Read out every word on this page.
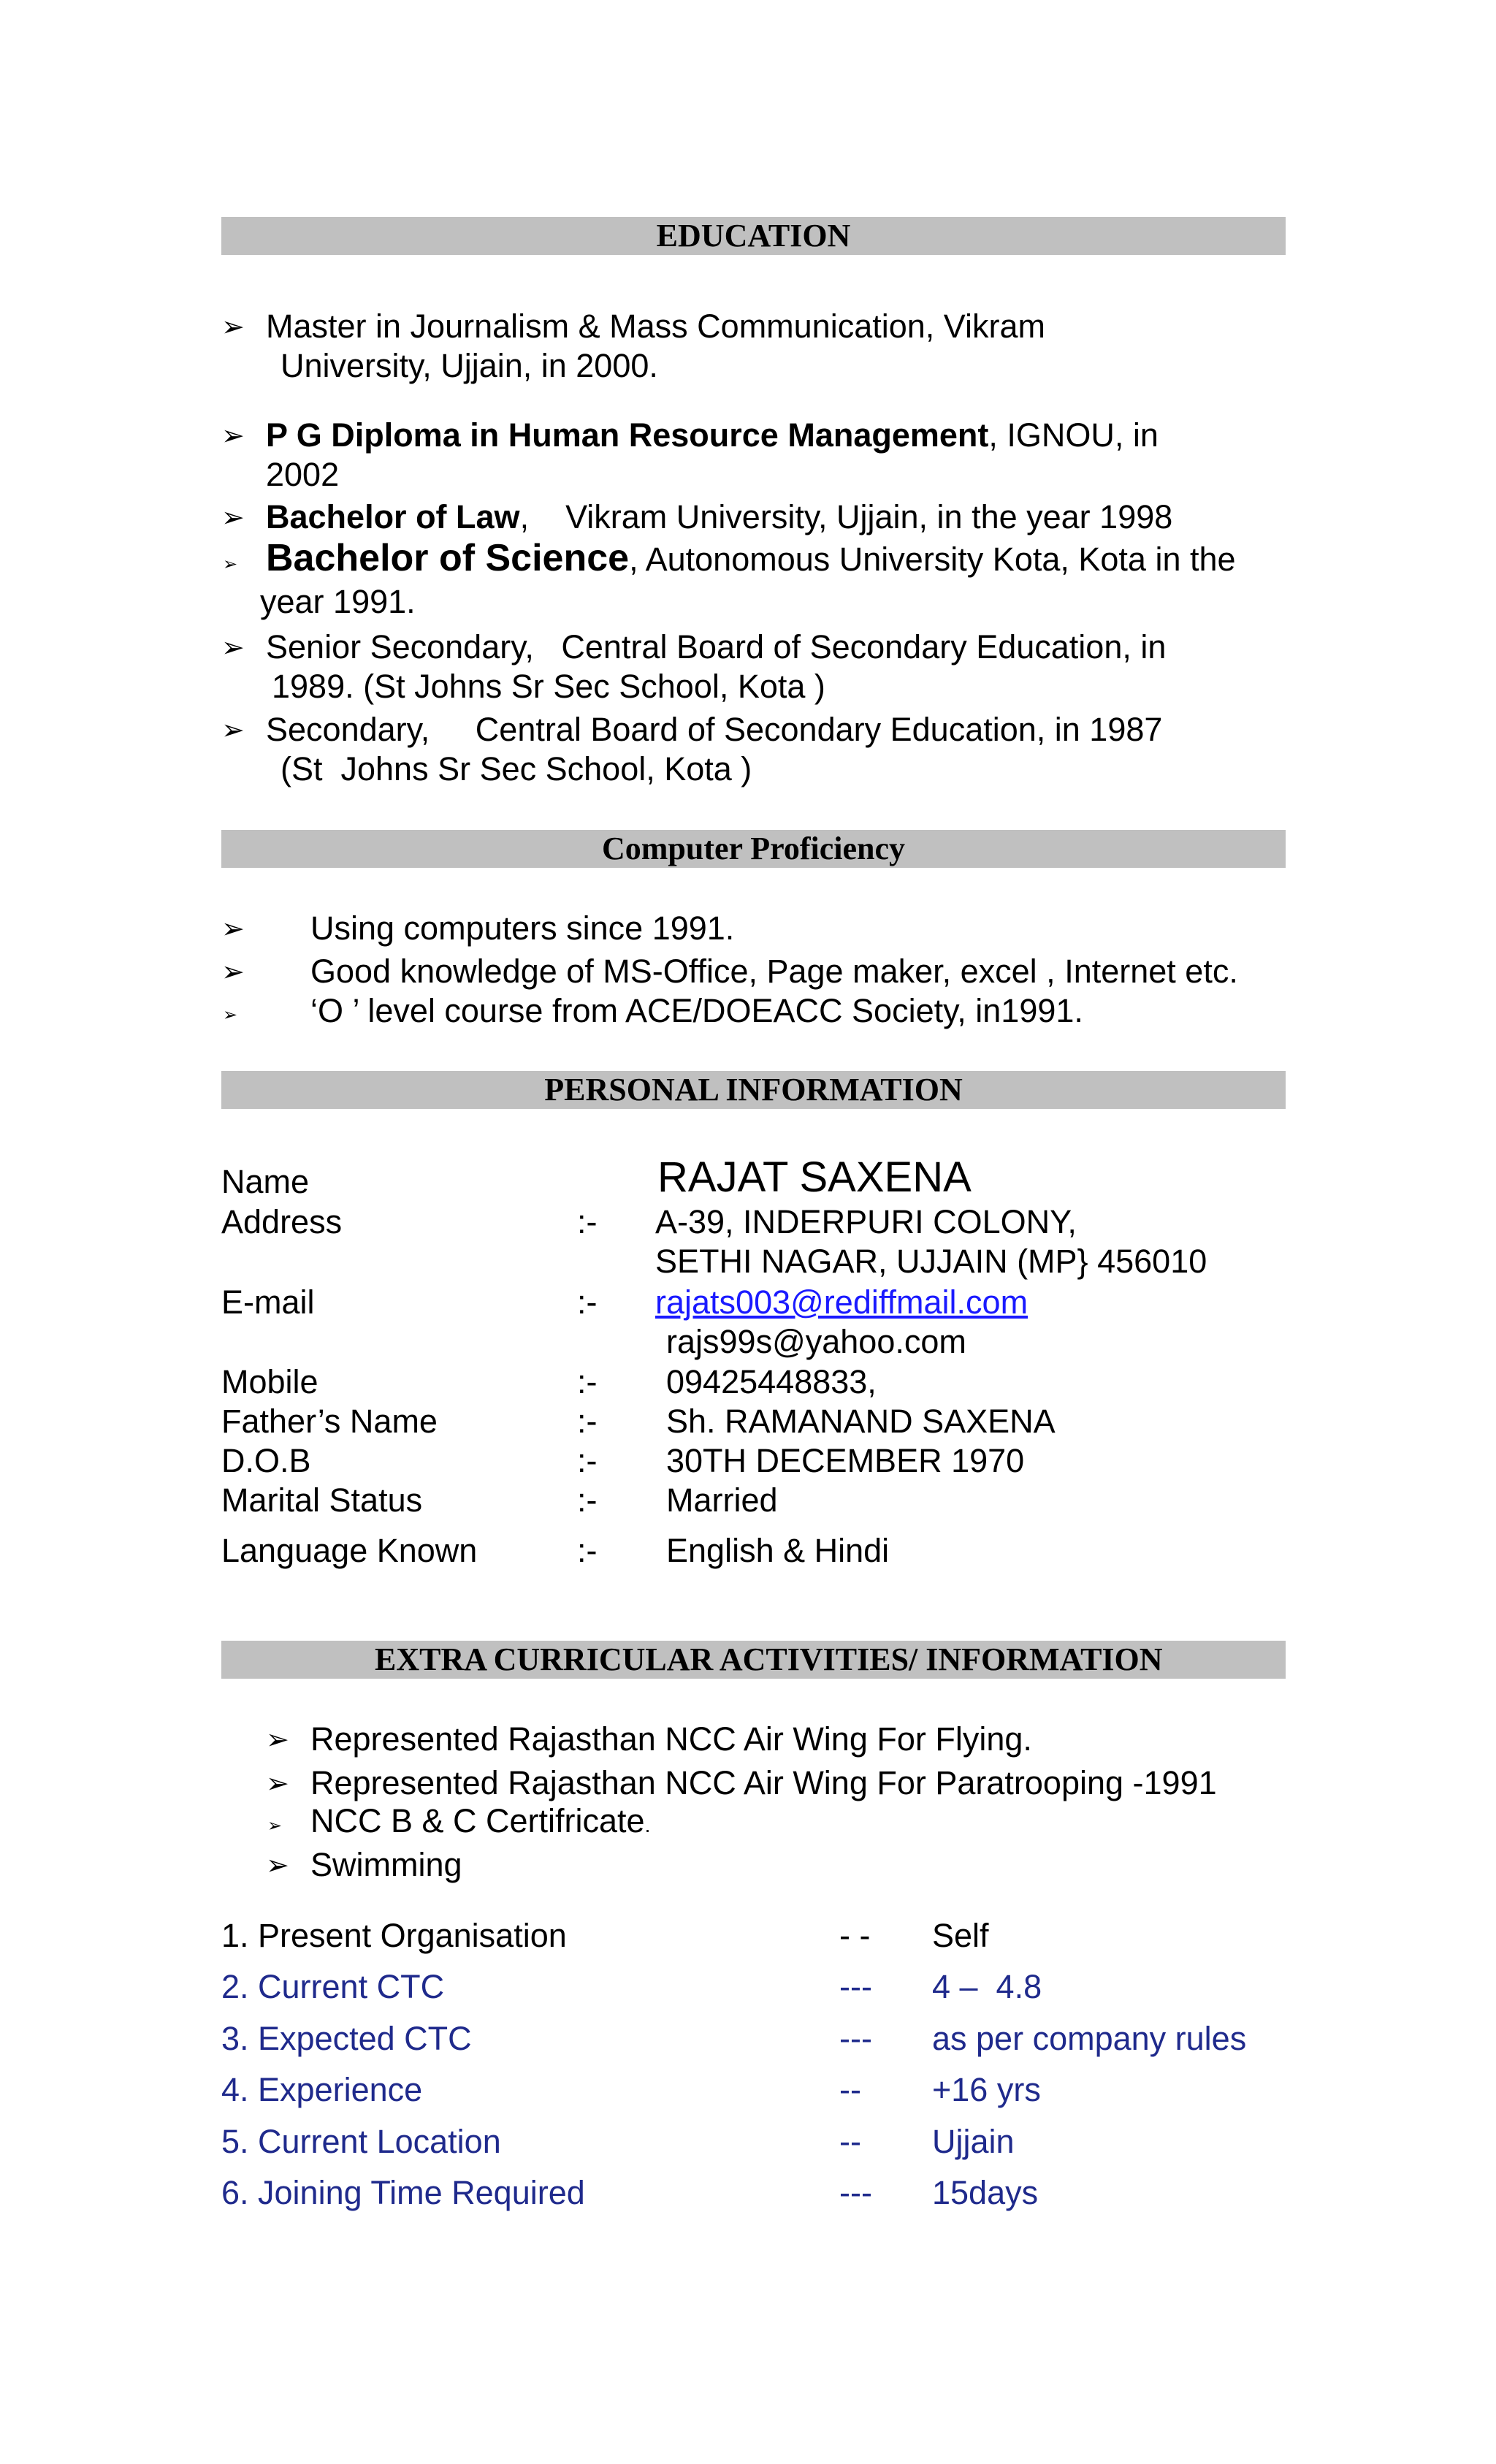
EDUCATION
➢ Master in Journalism & Mass Communication, Vikram
University, Ujjain, in 2000.
➢ P G Diploma in Human Resource Management, IGNOU, in
2002
➢ Bachelor of Law,    Vikram University, Ujjain, in the year 1998
➢ Bachelor of Science, Autonomous University Kota, Kota in the
year 1991.
➢ Senior Secondary,   Central Board of Secondary Education, in
1989. (St Johns Sr Sec School, Kota )
➢ Secondary,     Central Board of Secondary Education, in 1987
(St  Johns Sr Sec School, Kota )
Computer Proficiency
➢ Using computers since 1991.
➢ Good knowledge of MS-Office, Page maker, excel , Internet etc.
➢ ‘O ’ level course from ACE/DOEACC Society, in1991.
PERSONAL INFORMATION
Name	RAJAT SAXENA
Address	:- A-39, INDERPURI COLONY,
SETHI NAGAR, UJJAIN (MP} 456010
E-mail	:- rajats003@rediffmail.com
rajs99s@yahoo.com
Mobile	:- 09425448833,
Father’s Name	:- Sh. RAMANAND SAXENA
D.O.B	:- 30TH DECEMBER 1970
Marital Status	:- Married
Language Known	:- English & Hindi
EXTRA CURRICULAR ACTIVITIES/ INFORMATION
➢ Represented Rajasthan NCC Air Wing For Flying.
➢ Represented Rajasthan NCC Air Wing For Paratrooping -1991
➢ NCC B & C Certifricate.
➢ Swimming
1. Present Organisation	- - Self
2. Current CTC	--- 4 –  4.8
3. Expected CTC	--- as per company rules
4. Experience	-- +16 yrs
5. Current Location	-- Ujjain
6. Joining Time Required	--- 15days
